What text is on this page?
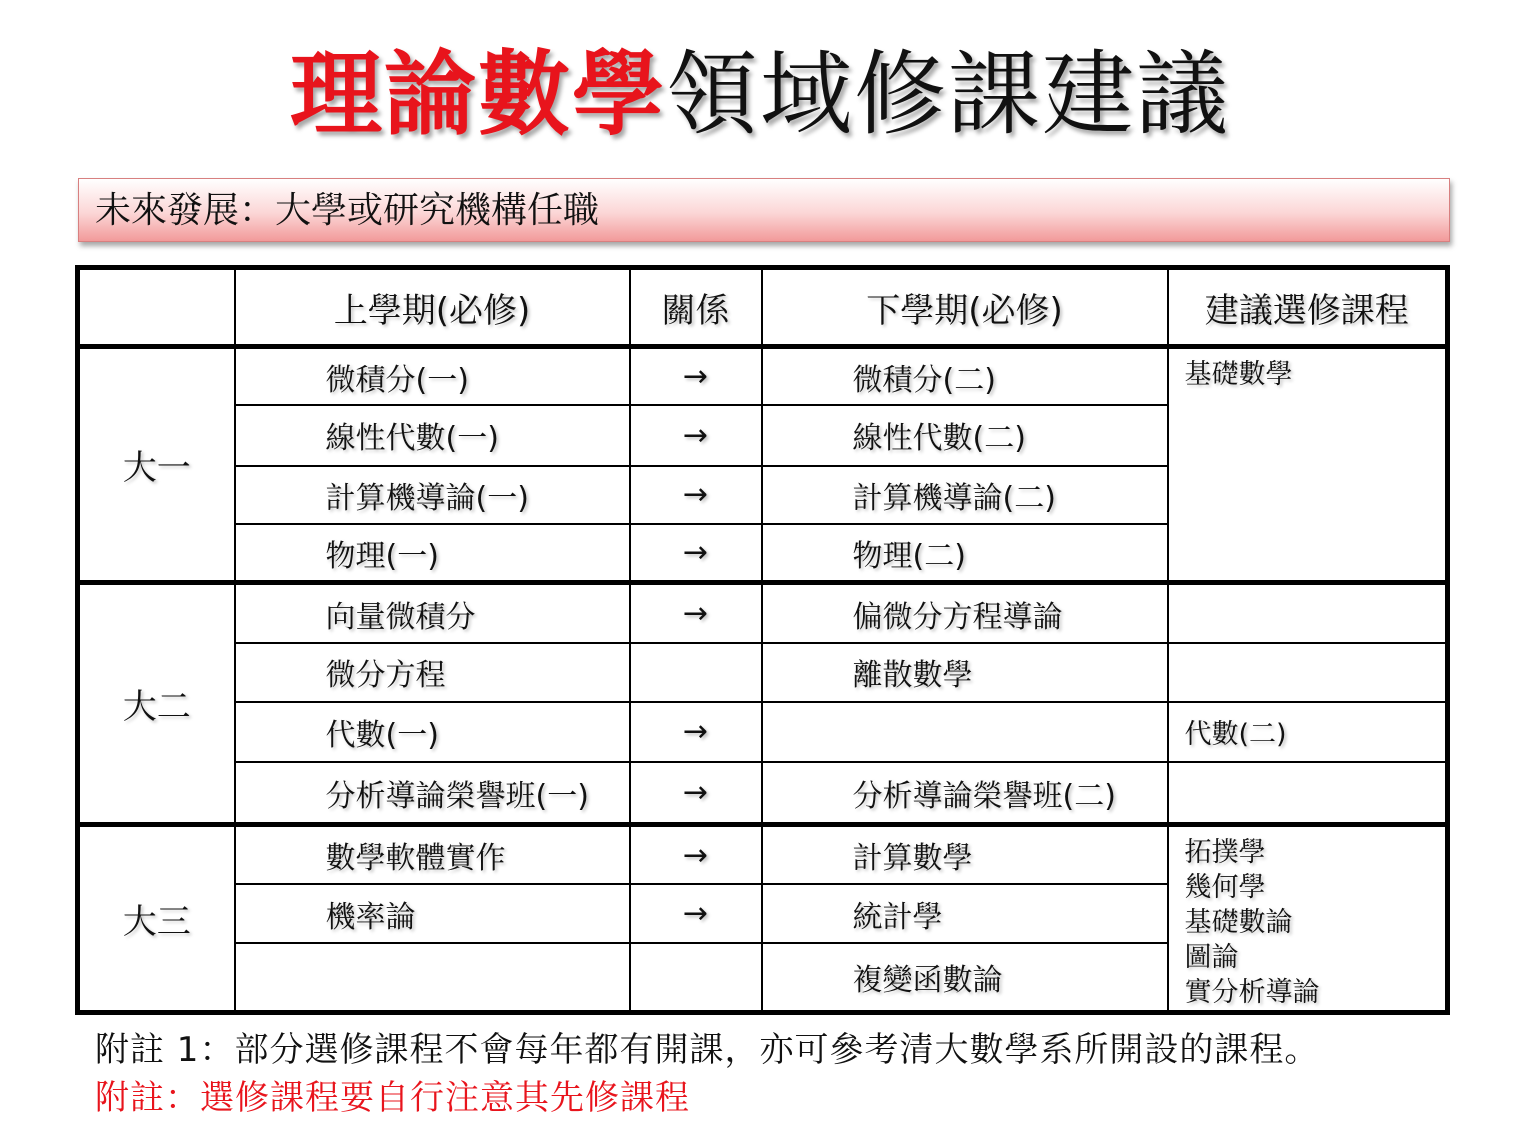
理論數學領域修課建議
未來發展：大學或研究機構任職
	上學期(必修)	關係	下學期(必修)	建議選修課程
大一	微積分(一)	→	微積分(二)	基礎數學

	線性代數(一)	→	線性代數(二)	
	計算機導論(一)	→	計算機導論(二)	
	物理(一)	→	物理(二)	
大二	向量微積分	→	偏微分方程導論	
	微分方程		離散數學	
	代數(一)	→		代數(二)
	分析導論榮譽班(一)	→	分析導論榮譽班(二)	
大三	數學軟體實作	→	計算數學	拓撲學
幾何學
基礎數論
圖論
實分析導論

	機率論	→	統計學	
			複變函數論	
附註 1：部分選修課程不會每年都有開課，亦可參考清大數學系所開設的課程。
附註：選修課程要自行注意其先修課程
